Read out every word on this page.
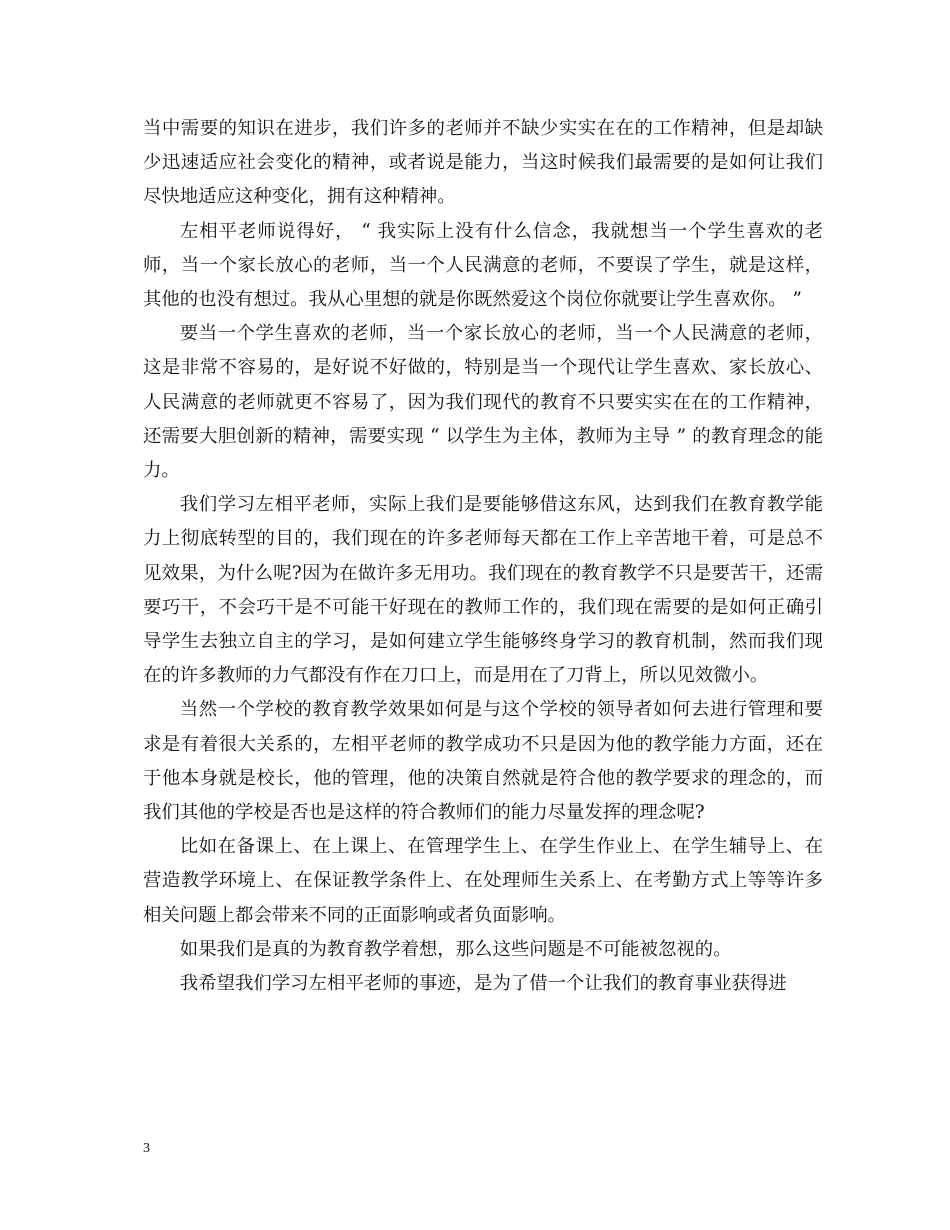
当中需要的知识在进步，我们许多的老师并不缺少实实在在的工作精神，但是却缺少迅速适应社会变化的精神，或者说是能力，当这时候我们最需要的是如何让我们尽快地适应这种变化，拥有这种精神。

左相平老师说得好， “ 我实际上没有什么信念，我就想当一个学生喜欢的老师，当一个家长放心的老师，当一个人民满意的老师，不要误了学生，就是这样，其他的也没有想过。我从心里想的就是你既然爱这个岗位你就要让学生喜欢你。 ”

要当一个学生喜欢的老师，当一个家长放心的老师，当一个人民满意的老师，这是非常不容易的，是好说不好做的，特别是当一个现代让学生喜欢、家长放心、人民满意的老师就更不容易了，因为我们现代的教育不只要实实在在的工作精神，还需要大胆创新的精神，需要实现 “ 以学生为主体，教师为主导 ” 的教育理念的能力。

我们学习左相平老师，实际上我们是要能够借这东风，达到我们在教育教学能力上彻底转型的目的，我们现在的许多老师每天都在工作上辛苦地干着，可是总不见效果，为什么呢?因为在做许多无用功。我们现在的教育教学不只是要苦干，还需要巧干，不会巧干是不可能干好现在的教师工作的，我们现在需要的是如何正确引导学生去独立自主的学习，是如何建立学生能够终身学习的教育机制，然而我们现在的许多教师的力气都没有作在刀口上，而是用在了刀背上，所以见效微小。

当然一个学校的教育教学效果如何是与这个学校的领导者如何去进行管理和要求是有着很大关系的，左相平老师的教学成功不只是因为他的教学能力方面，还在于他本身就是校长，他的管理，他的决策自然就是符合他的教学要求的理念的，而我们其他的学校是否也是这样的符合教师们的能力尽量发挥的理念呢?

比如在备课上、在上课上、在管理学生上、在学生作业上、在学生辅导上、在营造教学环境上、在保证教学条件上、在处理师生关系上、在考勤方式上等等许多相关问题上都会带来不同的正面影响或者负面影响。

如果我们是真的为教育教学着想，那么这些问题是不可能被忽视的。

我希望我们学习左相平老师的事迹，是为了借一个让我们的教育事业获得进

3
